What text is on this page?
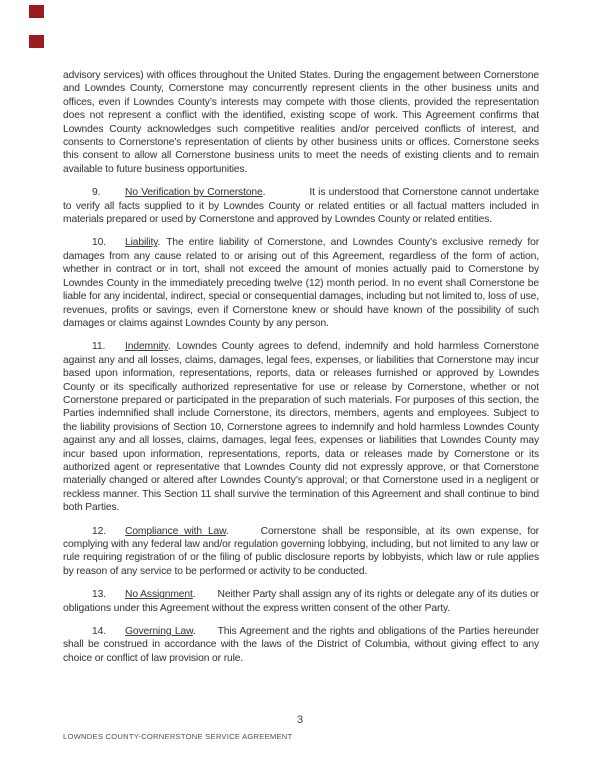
advisory services) with offices throughout the United States. During the engagement between Cornerstone and Lowndes County, Cornerstone may concurrently represent clients in the other business units and offices, even if Lowndes County’s interests may compete with those clients, provided the representation does not represent a conflict with the identified, existing scope of work. This Agreement confirms that Lowndes County acknowledges such competitive realities and/or perceived conflicts of interest, and consents to Cornerstone’s representation of clients by other business units or offices. Cornerstone seeks this consent to allow all Cornerstone business units to meet the needs of existing clients and to remain available to future business opportunities.

9. No Verification by Cornerstone.	It is understood that Cornerstone cannot undertake to verify all facts supplied to it by Lowndes County or related entities or all factual matters included in materials prepared or used by Cornerstone and approved by Lowndes County or related entities.

10. Liability. The entire liability of Cornerstone, and Lowndes County’s exclusive remedy for damages from any cause related to or arising out of this Agreement, regardless of the form of action, whether in contract or in tort, shall not exceed the amount of monies actually paid to Cornerstone by Lowndes County in the immediately preceding twelve (12) month period. In no event shall Cornerstone be liable for any incidental, indirect, special or consequential damages, including but not limited to, loss of use, revenues, profits or savings, even if Cornerstone knew or should have known of the possibility of such damages or claims against Lowndes County by any person.

11. Indemnity. Lowndes County agrees to defend, indemnify and hold harmless Cornerstone against any and all losses, claims, damages, legal fees, expenses, or liabilities that Cornerstone may incur based upon information, representations, reports, data or releases furnished or approved by Lowndes County or its specifically authorized representative for use or release by Cornerstone, whether or not Cornerstone prepared or participated in the preparation of such materials. For purposes of this section, the Parties indemnified shall include Cornerstone, its directors, members, agents and employees. Subject to the liability provisions of Section 10, Cornerstone agrees to indemnify and hold harmless Lowndes County against any and all losses, claims, damages, legal fees, expenses or liabilities that Lowndes County may incur based upon information, representations, reports, data or releases made by Cornerstone or its authorized agent or representative that Lowndes County did not expressly approve, or that Cornerstone materially changed or altered after Lowndes County’s approval; or that Cornerstone used in a negligent or reckless manner. This Section 11 shall survive the termination of this Agreement and shall continue to bind both Parties.

12. Compliance with Law.	Cornerstone shall be responsible, at its own expense, for complying with any federal law and/or regulation governing lobbying, including, but not limited to any law or rule requiring registration of or the filing of public disclosure reports by lobbyists, which law or rule applies by reason of any service to be performed or activity to be conducted.

13. No Assignment. Neither Party shall assign any of its rights or delegate any of its duties or obligations under this Agreement without the express written consent of the other Party.

14. Governing Law. This Agreement and the rights and obligations of the Parties hereunder shall be construed in accordance with the laws of the District of Columbia, without giving effect to any choice or conflict of law provision or rule.

3
LOWNDES COUNTY-CORNERSTONE SERVICE AGREEMENT
